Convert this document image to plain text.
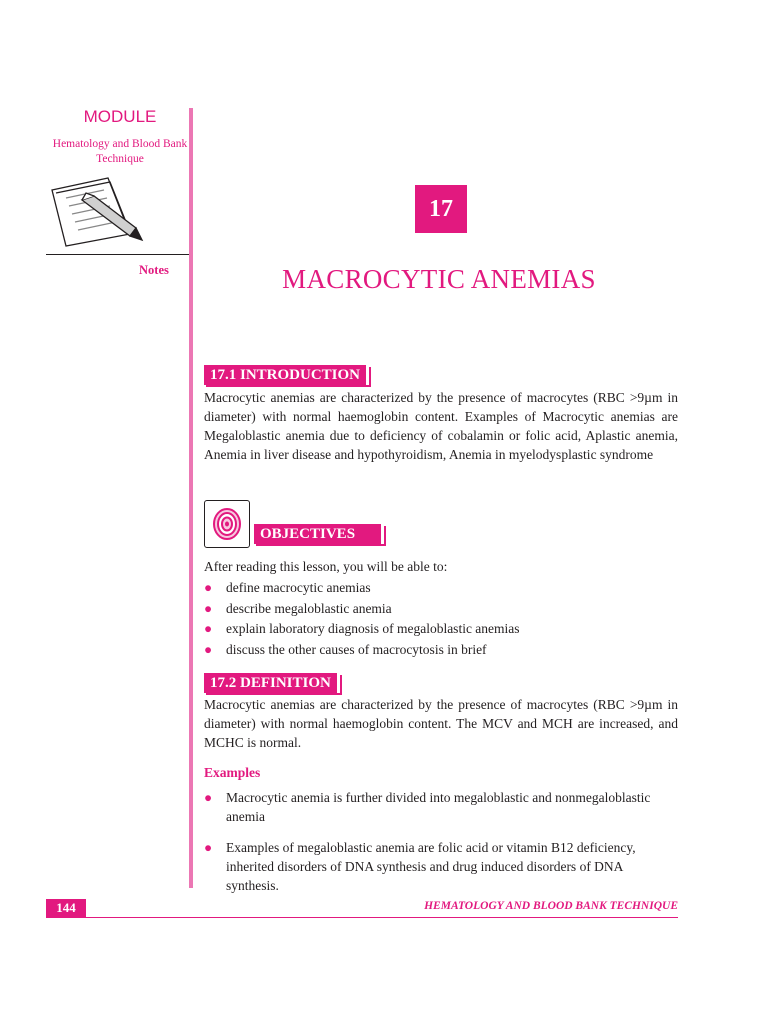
MODULE
Hematology and Blood Bank Technique
Notes
17
MACROCYTIC ANEMIAS
17.1 INTRODUCTION
Macrocytic anemias are characterized by the presence of macrocytes (RBC >9µm in diameter) with normal haemoglobin content. Examples of Macrocytic anemias are Megaloblastic anemia due to deficiency of cobalamin or folic acid, Aplastic anemia, Anemia in liver disease and hypothyroidism, Anemia in myelodysplastic syndrome
OBJECTIVES
After reading this lesson, you will be able to:
● define macrocytic anemias
● describe megaloblastic anemia
● explain laboratory diagnosis of megaloblastic anemias
● discuss the other causes of macrocytosis in brief
17.2 DEFINITION
Macrocytic anemias are characterized by the presence of macrocytes (RBC >9µm in diameter) with normal haemoglobin content. The MCV and MCH are increased, and MCHC is normal.
Examples
● Macrocytic anemia is further divided into megaloblastic and nonmegaloblastic anemia
● Examples of megaloblastic anemia are folic acid or vitamin B12 deficiency, inherited disorders of DNA synthesis and drug induced disorders of DNA synthesis.
144	HEMATOLOGY AND BLOOD BANK TECHNIQUE
